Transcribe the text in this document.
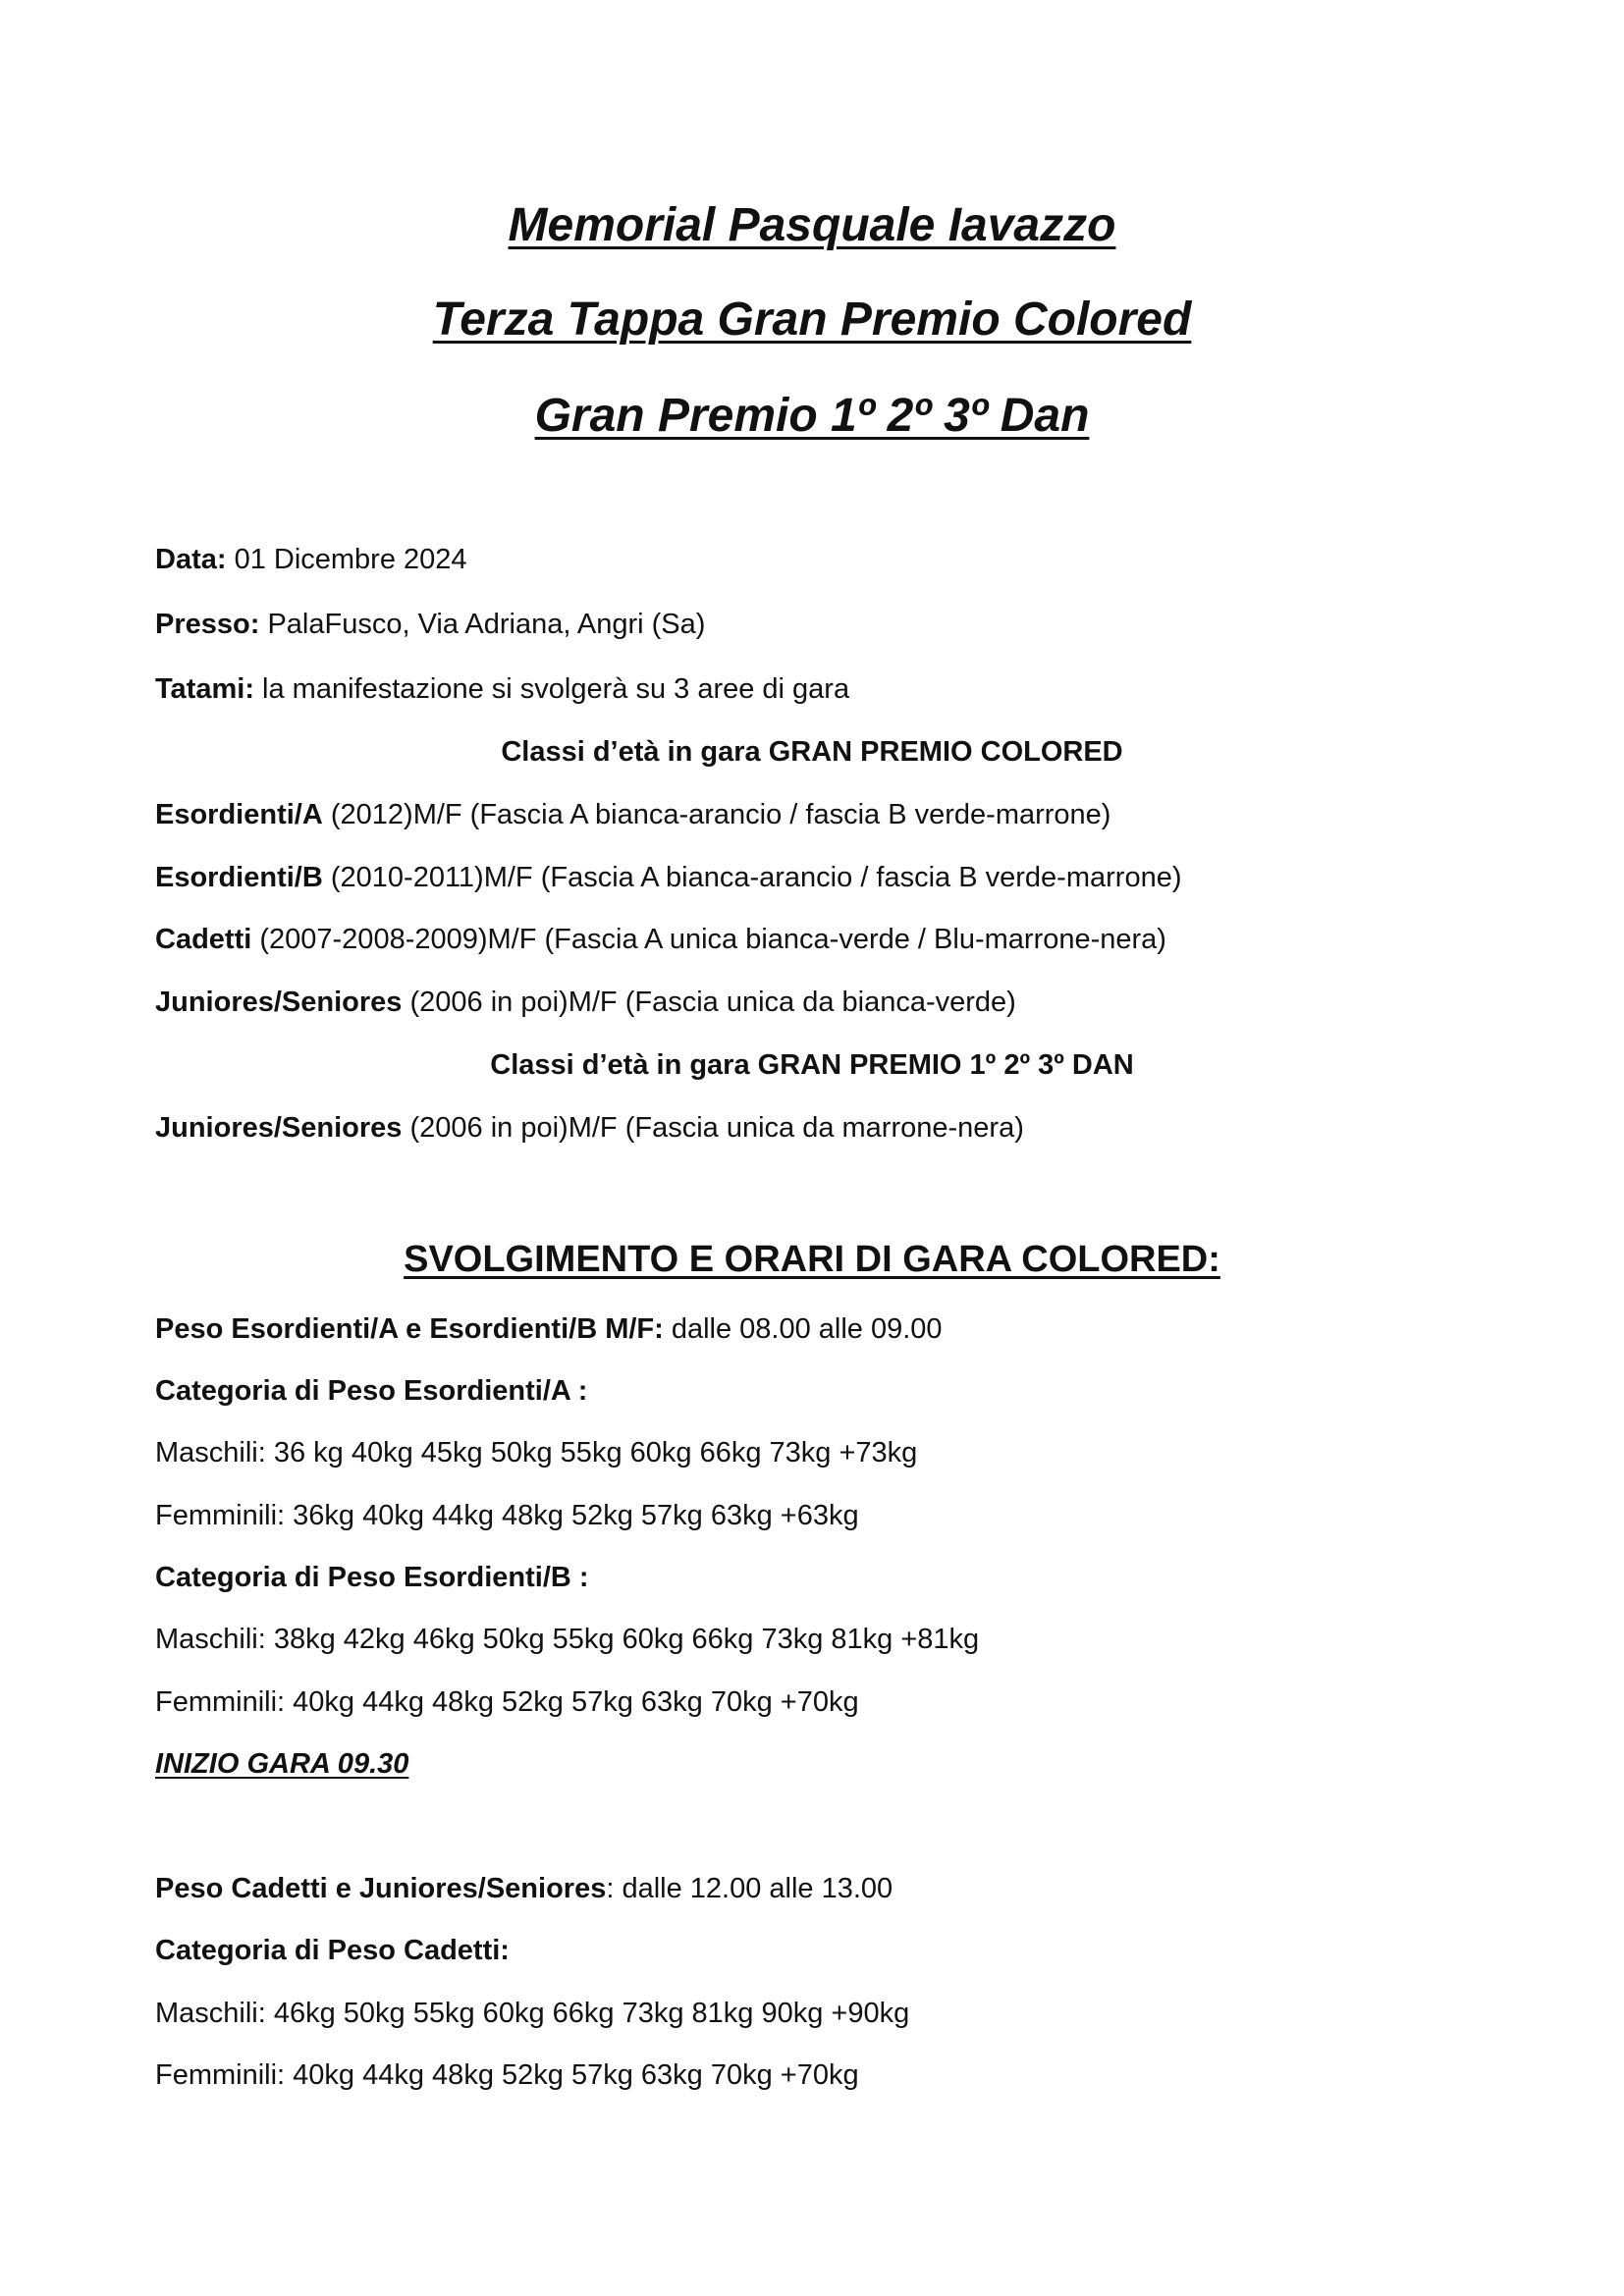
Memorial Pasquale Iavazzo
Terza Tappa Gran Premio Colored
Gran Premio 1º 2º 3º Dan
Data: 01 Dicembre 2024
Presso: PalaFusco, Via Adriana, Angri (Sa)
Tatami: la manifestazione si svolgerà su 3 aree di gara
Classi d’età in gara GRAN PREMIO COLORED
Esordienti/A (2012)M/F (Fascia A bianca-arancio / fascia B verde-marrone)
Esordienti/B (2010-2011)M/F (Fascia A bianca-arancio / fascia B verde-marrone)
Cadetti (2007-2008-2009)M/F (Fascia A unica bianca-verde / Blu-marrone-nera)
Juniores/Seniores (2006 in poi)M/F (Fascia unica da bianca-verde)
Classi d’età in gara GRAN PREMIO 1º 2º 3º DAN
Juniores/Seniores (2006 in poi)M/F (Fascia unica da marrone-nera)
SVOLGIMENTO E ORARI DI GARA COLORED:
Peso Esordienti/A e Esordienti/B M/F: dalle 08.00 alle 09.00
Categoria di Peso Esordienti/A :
Maschili: 36 kg 40kg 45kg 50kg 55kg 60kg 66kg 73kg +73kg
Femminili: 36kg 40kg 44kg 48kg 52kg 57kg 63kg +63kg
Categoria di Peso Esordienti/B :
Maschili: 38kg 42kg 46kg 50kg 55kg 60kg 66kg 73kg 81kg +81kg
Femminili: 40kg 44kg 48kg 52kg 57kg 63kg 70kg +70kg
INIZIO GARA 09.30
Peso Cadetti e Juniores/Seniores: dalle 12.00 alle 13.00
Categoria di Peso Cadetti:
Maschili: 46kg 50kg 55kg 60kg 66kg 73kg 81kg 90kg +90kg
Femminili: 40kg 44kg 48kg 52kg 57kg 63kg 70kg +70kg
